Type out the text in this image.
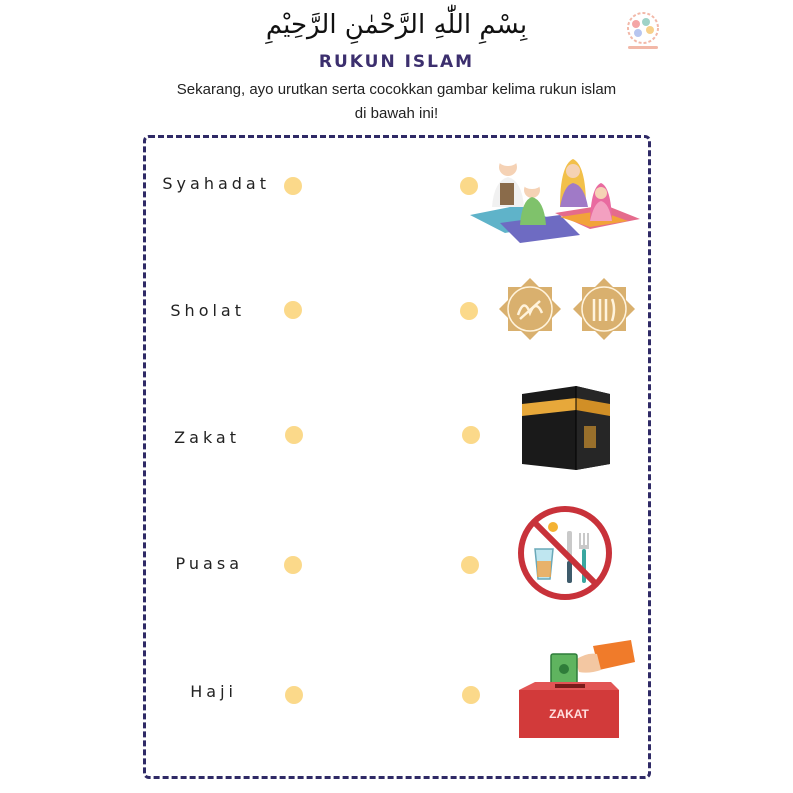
بِسْمِ اللّٰهِ الرَّحْمٰنِ الرَّحِيْمِ
RUKUN ISLAM
Sekarang, ayo urutkan serta cocokkan gambar kelima rukun islam
di bawah ini!
Syahadat
Sholat
Zakat
Puasa
Haji
ZAKAT
